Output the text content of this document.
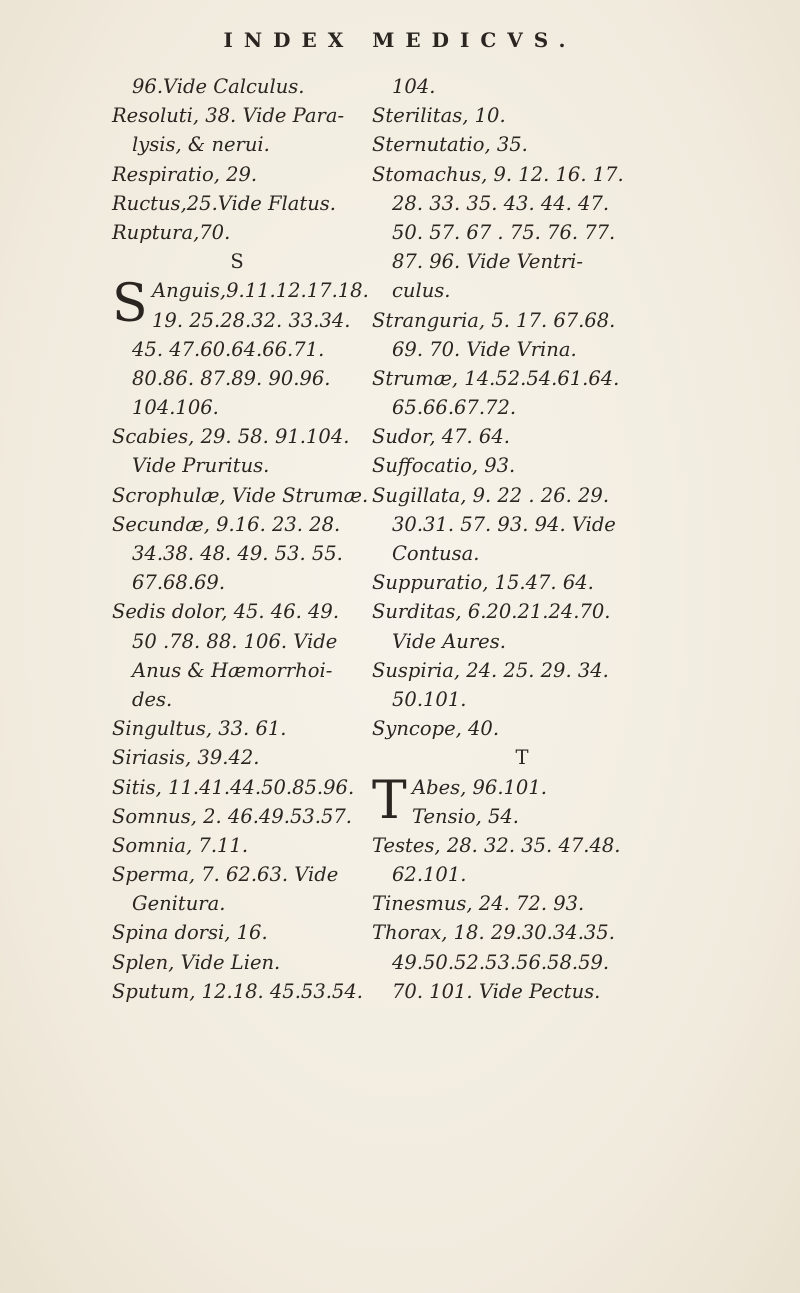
INDEX MEDICVS.
96.Vide Calculus.
Resoluti, 38. Vide Para-
lysis, & nerui.
Respiratio, 29.
Ructus,25.Vide Flatus.
Ruptura,70.
S
S Anguis,9.11.12.17.18.
19. 25.28.32. 33.34.
45. 47.60.64.66.71.
80.86. 87.89. 90.96.
104.106.
Scabies, 29. 58. 91.104.
Vide Pruritus.
Scrophulæ, Vide Strumæ.
Secundæ, 9.16. 23. 28.
34.38. 48. 49. 53. 55.
67.68.69.
Sedis dolor, 45. 46. 49.
50 .78. 88. 106. Vide
Anus & Hæmorrhoi-
des.
Singultus, 33. 61.
Siriasis, 39.42.
Sitis, 11.41.44.50.85.96.
Somnus, 2. 46.49.53.57.
Somnia, 7.11.
Sperma, 7. 62.63. Vide
Genitura.
Spina dorsi, 16.
Splen, Vide Lien.
Sputum, 12.18. 45.53.54.
104.
Sterilitas, 10.
Sternutatio, 35.
Stomachus, 9. 12. 16. 17.
28. 33. 35. 43. 44. 47.
50. 57. 67 . 75. 76. 77.
87. 96. Vide Ventri-
culus.
Stranguria, 5. 17. 67.68.
69. 70. Vide Vrina.
Strumæ, 14.52.54.61.64.
65.66.67.72.
Sudor, 47. 64.
Suffocatio, 93.
Sugillata, 9. 22 . 26. 29.
30.31. 57. 93. 94. Vide
Contusa.
Suppuratio, 15.47. 64.
Surditas, 6.20.21.24.70.
Vide Aures.
Suspiria, 24. 25. 29. 34.
50.101.
Syncope, 40.
T
T Abes, 96.101.
Tensio, 54.
Testes, 28. 32. 35. 47.48.
62.101.
Tinesmus, 24. 72. 93.
Thorax, 18. 29.30.34.35.
49.50.52.53.56.58.59.
70. 101. Vide Pectus.
